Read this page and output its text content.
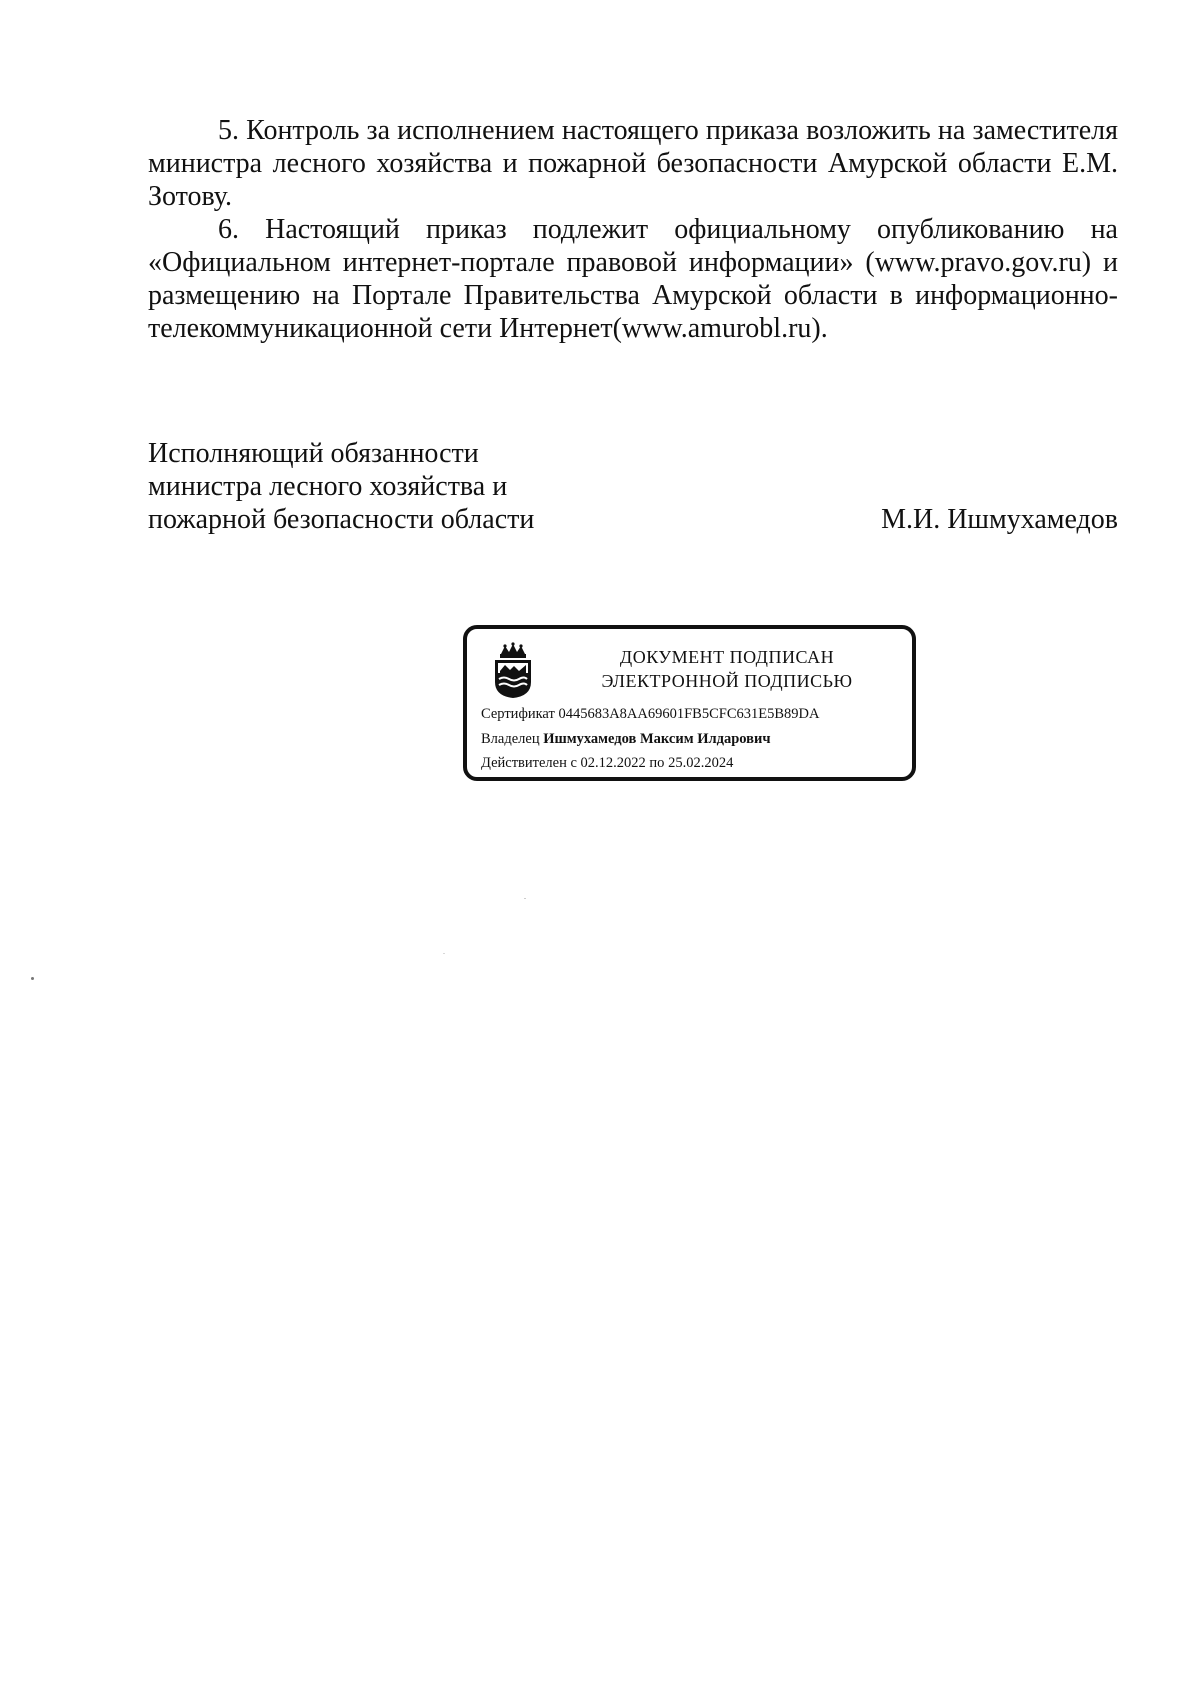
5. Контроль за исполнением настоящего приказа возложить на заместителя министра лесного хозяйства и пожарной безопасности Амурской области Е.М. Зотову.

6. Настоящий приказ подлежит официальному опубликованию на «Официальном интернет-портале правовой информации» (www.pravo.gov.ru) и размещению на Портале Правительства Амурской области в информационно-телекоммуникационной сети Интернет(www.amurobl.ru).

Исполняющий обязанности
министра лесного хозяйства и
пожарной безопасности области	М.И. Ишмухамедов
ДОКУМЕНТ ПОДПИСАН
ЭЛЕКТРОННОЙ ПОДПИСЬЮ
Сертификат 0445683A8AA69601FB5CFC631E5B89DA
Владелец Ишмухамедов Максим Илдарович
Действителен с 02.12.2022 по 25.02.2024
